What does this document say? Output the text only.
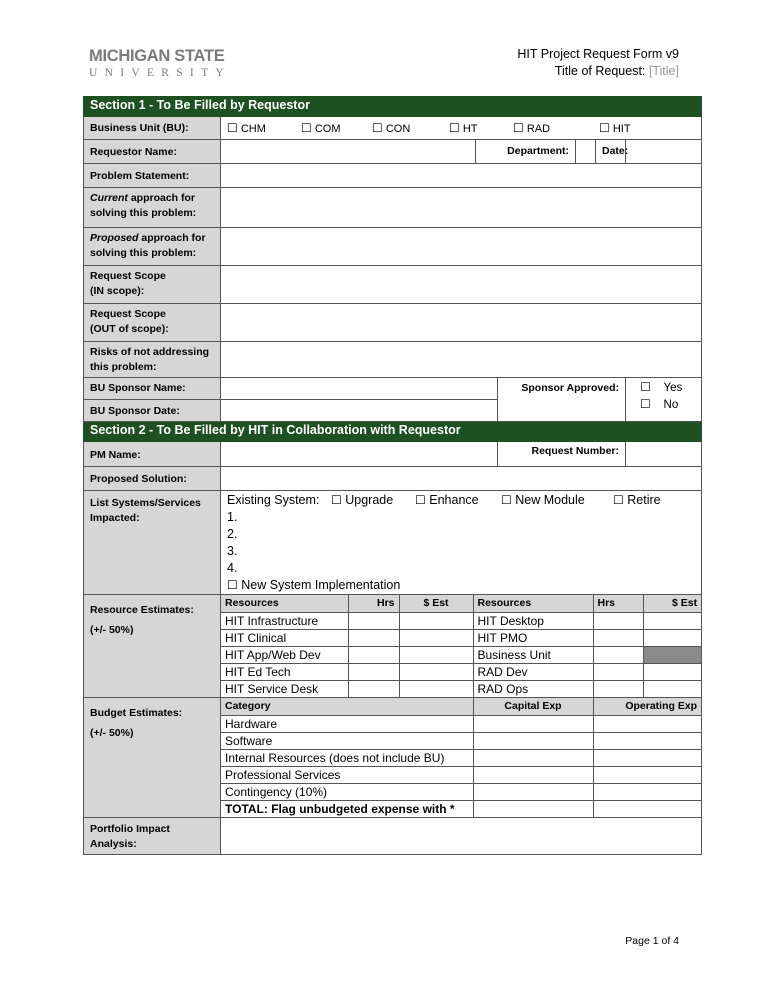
MICHIGAN STATE
UNIVERSITY
HIT Project Request Form v9
Title of Request: [Title]
Section 1 - To Be Filled by Requestor
Business Unit (BU):	☐ CHM	☐ COM	☐ CON	☐ HT	☐ RAD	☐ HIT

Requestor Name:		Department:		Date:	
Problem Statement:	
Current approach for solving this problem:	
Proposed approach for solving this problem:	

Request Scope
(IN scope):

Request Scope
(OUT of scope):

Risks of not addressing this problem:	
BU Sponsor Name:		Sponsor Approved:	☐ Yes
☐ No

BU Sponsor Date:	
Section 2 - To Be Filled by HIT in Collaboration with Requestor
PM Name:		Request Number:	
Proposed Solution:	
List Systems/Services Impacted:	
Existing System: ☐ Upgrade	☐ Enhance	☐ New Module	☐ Retire
1.
2.
3.
4.
☐ New System Implementation

Resource Estimates:
(+/- 50%)

Resources	Hrs	$ Est	Resources	Hrs	$ Est
HIT Infrastructure			HIT Desktop		
HIT Clinical			HIT PMO		
HIT App/Web Dev			Business Unit		
HIT Ed Tech			RAD Dev		
HIT Service Desk			RAD Ops		

Budget Estimates:
(+/- 50%)

Category	Capital Exp	Operating Exp
Hardware		
Software		
Internal Resources (does not include BU)		
Professional Services		
Contingency (10%)		
TOTAL: Flag unbudgeted expense with *		

Portfolio Impact Analysis:	
Page 1 of 4
